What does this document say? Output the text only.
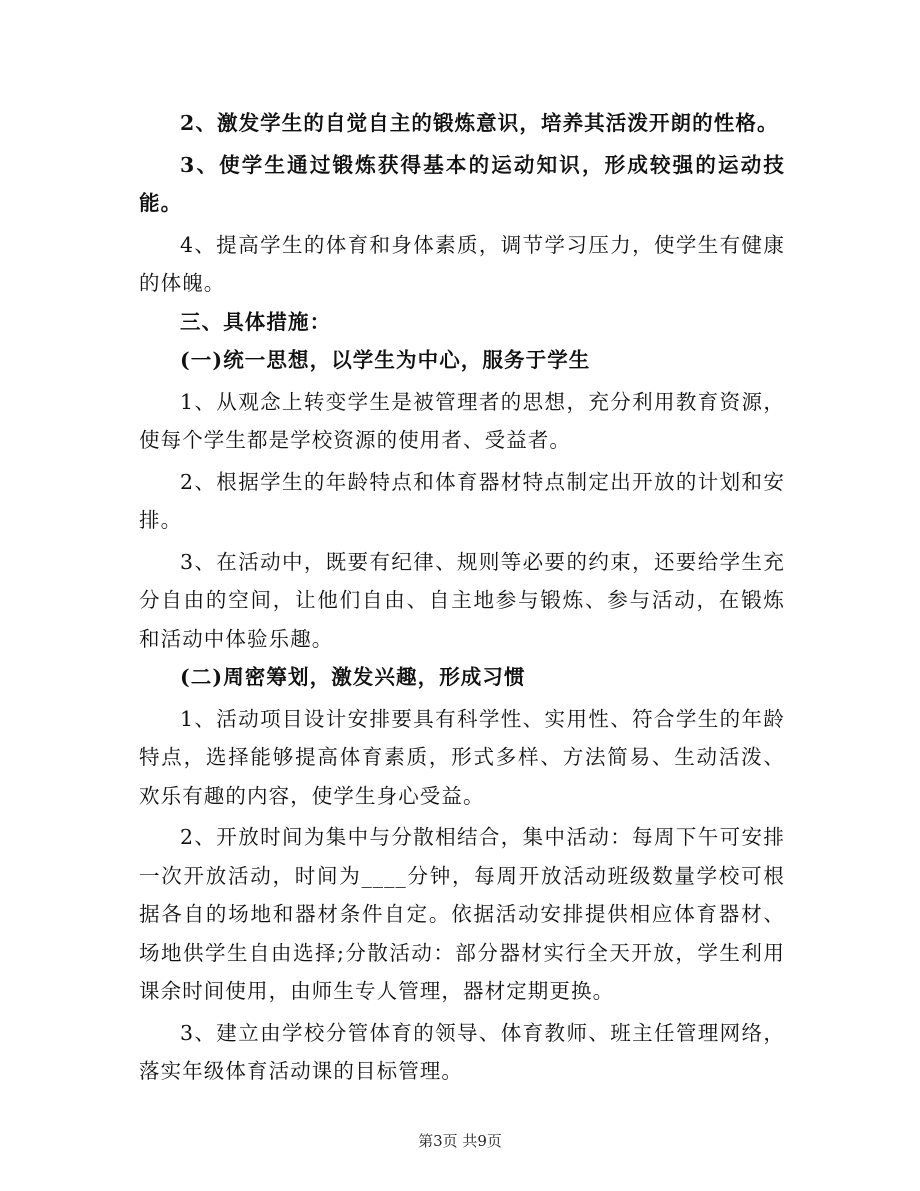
2、激发学生的自觉自主的锻炼意识，培养其活泼开朗的性格。

3、使学生通过锻炼获得基本的运动知识，形成较强的运动技能。

4、提高学生的体育和身体素质，调节学习压力，使学生有健康的体魄。

三、具体措施：

(一)统一思想，以学生为中心，服务于学生

1、从观念上转变学生是被管理者的思想，充分利用教育资源，使每个学生都是学校资源的使用者、受益者。

2、根据学生的年龄特点和体育器材特点制定出开放的计划和安排。

3、在活动中，既要有纪律、规则等必要的约束，还要给学生充分自由的空间，让他们自由、自主地参与锻炼、参与活动，在锻炼和活动中体验乐趣。

(二)周密筹划，激发兴趣，形成习惯

1、活动项目设计安排要具有科学性、实用性、符合学生的年龄特点，选择能够提高体育素质，形式多样、方法简易、生动活泼、欢乐有趣的内容，使学生身心受益。

2、开放时间为集中与分散相结合，集中活动：每周下午可安排一次开放活动，时间为____分钟，每周开放活动班级数量学校可根据各自的场地和器材条件自定。依据活动安排提供相应体育器材、场地供学生自由选择;分散活动：部分器材实行全天开放，学生利用课余时间使用，由师生专人管理，器材定期更换。

3、建立由学校分管体育的领导、体育教师、班主任管理网络，落实年级体育活动课的目标管理。

第3页 共9页
